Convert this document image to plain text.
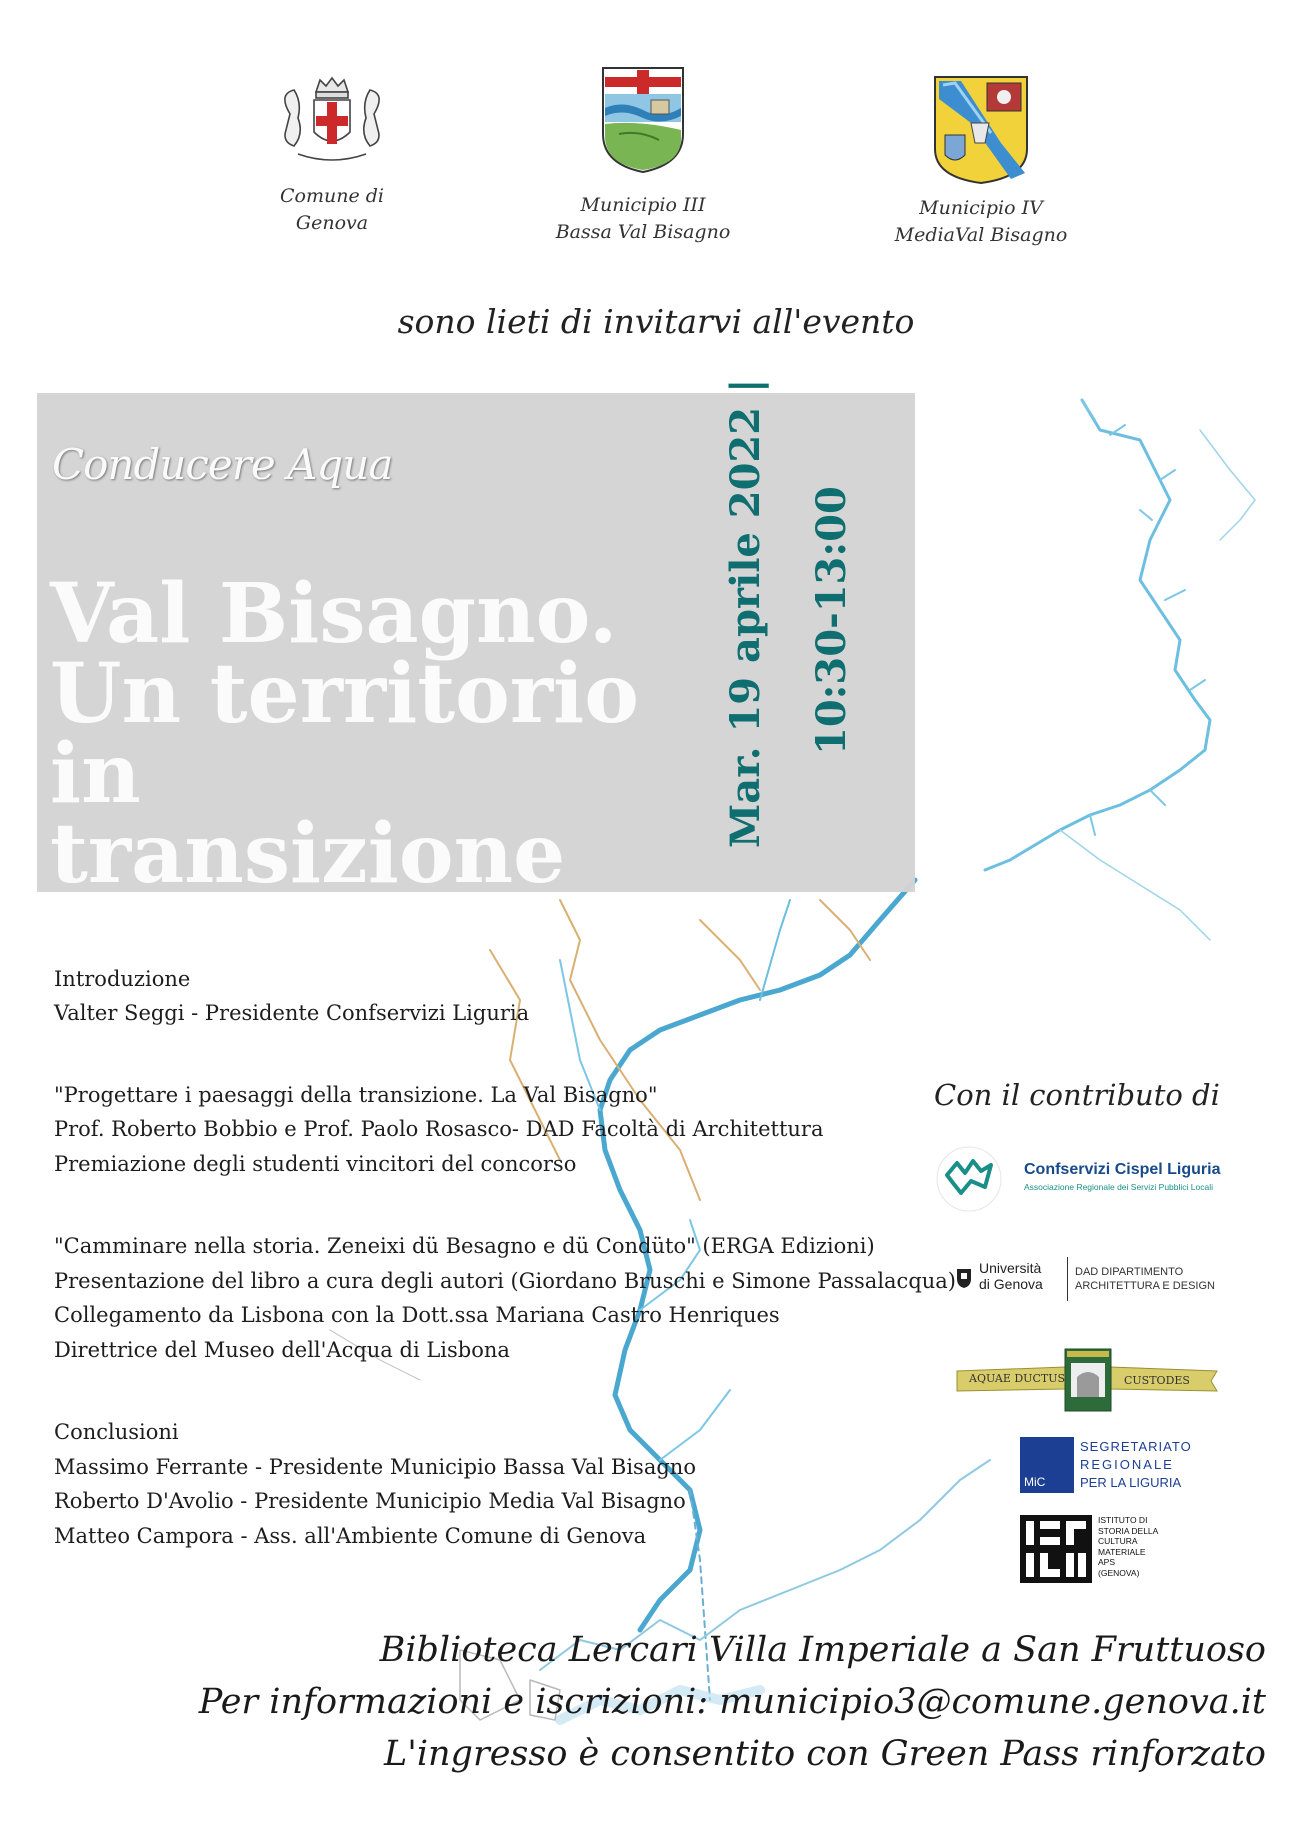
Comune di
Genova
Municipio III
Bassa Val Bisagno
Municipio IV
MediaVal Bisagno
sono lieti di invitarvi all'evento
Conducere Aqua
Val Bisagno.
Un territorio
in transizione
Mar. 19 aprile 2022 | 10:30-13:00
Introduzione
Valter Seggi - Presidente Confservizi Liguria
"Progettare i paesaggi della transizione. La Val Bisagno"
Prof. Roberto Bobbio e Prof. Paolo Rosasco- DAD Facoltà di Architettura
Premiazione degli studenti vincitori del concorso
"Camminare nella storia. Zeneixi dü Besagno e dü Condüto" (ERGA Edizioni)
Presentazione del libro a cura degli autori (Giordano Bruschi e Simone Passalacqua)
Collegamento da Lisbona con la Dott.ssa Mariana Castro Henriques
Direttrice del Museo dell'Acqua di Lisbona
Conclusioni
Massimo Ferrante - Presidente Municipio Bassa Val Bisagno
Roberto D'Avolio - Presidente Municipio Media Val Bisagno
Matteo Campora - Ass. all'Ambiente Comune di Genova
Con il contributo di
Confservizi Cispel Liguria
Associazione Regionale dei Servizi Pubblici Locali
Università
di Genova
DAD DIPARTIMENTO
ARCHITETTURA E DESIGN
AQUAE DUCTUS	CUSTODES
MiC
SEGRETARIATO
REGIONALE
PER LA LIGURIA
ISTITUTO DI
STORIA DELLA
CULTURA
MATERIALE
APS
(GENOVA)
Biblioteca Lercari Villa Imperiale a San Fruttuoso
Per informazioni e iscrizioni: municipio3@comune.genova.it
L'ingresso è consentito con Green Pass rinforzato
